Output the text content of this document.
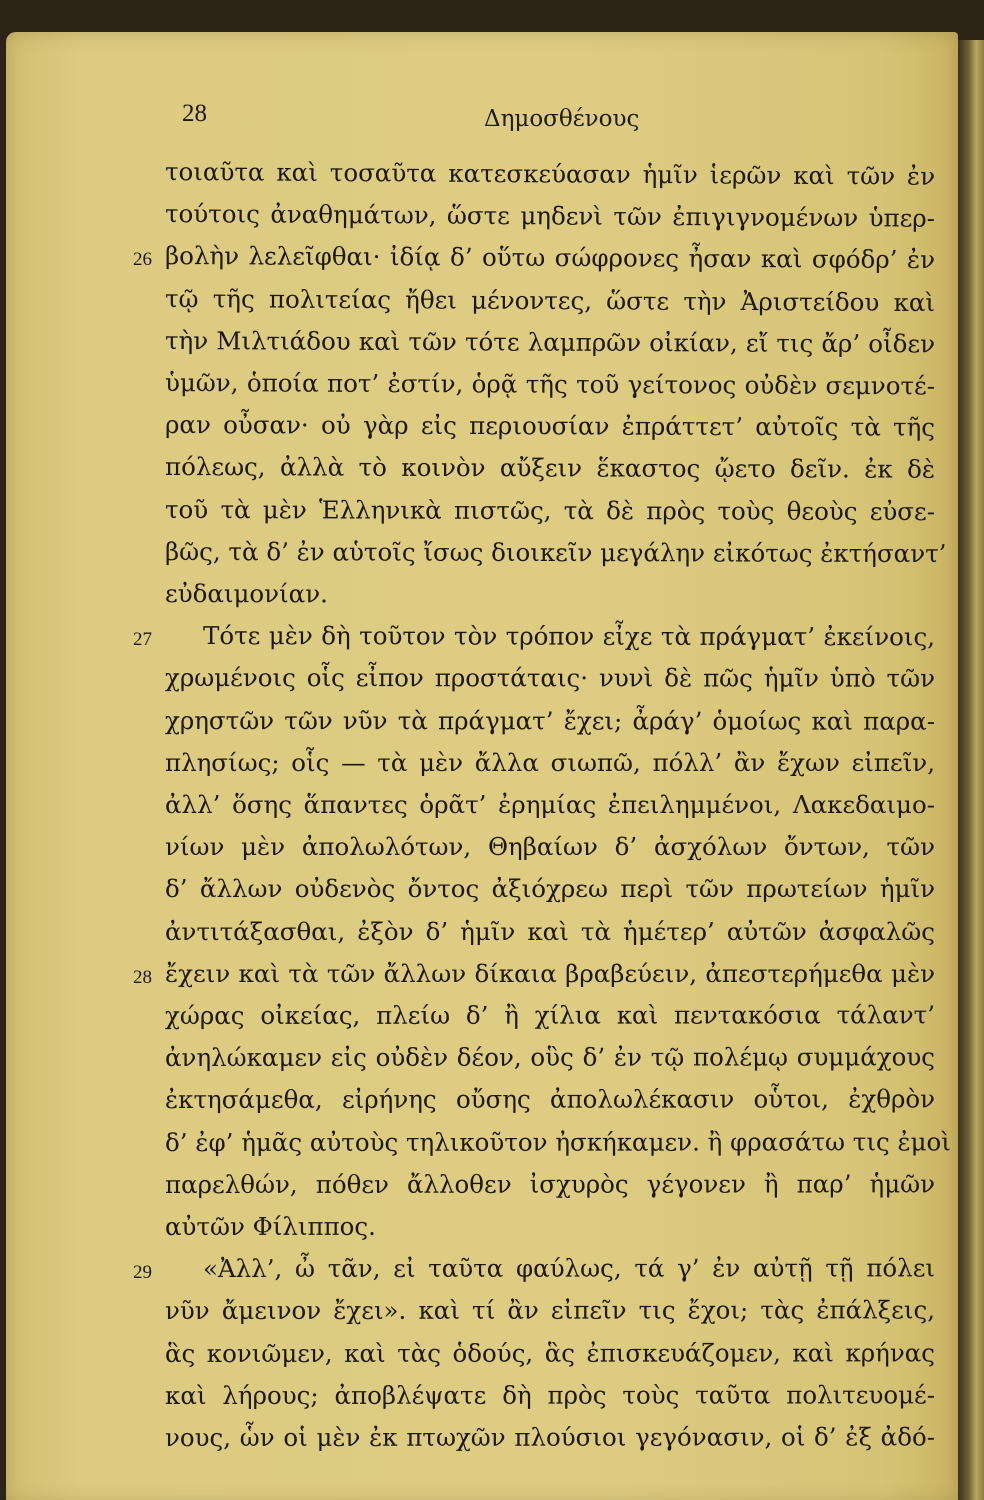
28	Δημοσθένους
τοιαῦτα καὶ τοσαῦτα κατεσκεύασαν ἡμῖν ἱερῶν καὶ τῶν ἐν
τούτοις ἀναθημάτων, ὥστε μηδενὶ τῶν ἐπιγιγνομένων ὑπερ-
βολὴν λελεῖφθαι· ἰδίᾳ δ’ οὕτω σώφρονες ἦσαν καὶ σφόδρ’ ἐν
26
τῷ τῆς πολιτείας ἤθει μένοντες, ὥστε τὴν Ἀριστείδου καὶ
τὴν Μιλτιάδου καὶ τῶν τότε λαμπρῶν οἰκίαν, εἴ τις ἄρ’ οἶδεν
ὑμῶν, ὁποία ποτ’ ἐστίν, ὁρᾷ τῆς τοῦ γείτονος οὐδὲν σεμνοτέ-
ραν οὖσαν· οὐ γὰρ εἰς περιουσίαν ἐπράττετ’ αὐτοῖς τὰ τῆς
πόλεως, ἀλλὰ τὸ κοινὸν αὔξειν ἕκαστος ᾤετο δεῖν. ἐκ δὲ
τοῦ τὰ μὲν Ἑλληνικὰ πιστῶς, τὰ δὲ πρὸς τοὺς θεοὺς εὐσε-
βῶς, τὰ δ’ ἐν αὑτοῖς ἴσως διοικεῖν μεγάλην εἰκότως ἐκτήσαντ’
εὐδαιμονίαν.
Τότε μὲν δὴ τοῦτον τὸν τρόπον εἶχε τὰ πράγματ’ ἐκείνοις,
27
χρωμένοις οἷς εἶπον προστάταις· νυνὶ δὲ πῶς ἡμῖν ὑπὸ τῶν
χρηστῶν τῶν νῦν τὰ πράγματ’ ἔχει; ἆράγ’ ὁμοίως καὶ παρα-
πλησίως; οἷς — τὰ μὲν ἄλλα σιωπῶ, πόλλ’ ἂν ἔχων εἰπεῖν,
ἀλλ’ ὅσης ἅπαντες ὁρᾶτ’ ἐρημίας ἐπειλημμένοι, Λακεδαιμο-
νίων μὲν ἀπολωλότων, Θηβαίων δ’ ἀσχόλων ὄντων, τῶν
δ’ ἄλλων οὐδενὸς ὄντος ἀξιόχρεω περὶ τῶν πρωτείων ἡμῖν
ἀντιτάξασθαι, ἐξὸν δ’ ἡμῖν καὶ τὰ ἡμέτερ’ αὐτῶν ἀσφαλῶς
ἔχειν καὶ τὰ τῶν ἄλλων δίκαια βραβεύειν, ἀπεστερήμεθα μὲν
28
χώρας οἰκείας, πλείω δ’ ἢ χίλια καὶ πεντακόσια τάλαντ’
ἀνηλώκαμεν εἰς οὐδὲν δέον, οὓς δ’ ἐν τῷ πολέμῳ συμμάχους
ἐκτησάμεθα, εἰρήνης οὔσης ἀπολωλέκασιν οὗτοι, ἐχθρὸν
δ’ ἐφ’ ἡμᾶς αὐτοὺς τηλικοῦτον ἠσκήκαμεν. ἢ φρασάτω τις ἐμοὶ
παρελθών, πόθεν ἄλλοθεν ἰσχυρὸς γέγονεν ἢ παρ’ ἡμῶν
αὐτῶν Φίλιππος.
«Ἀλλ’, ὦ τᾶν, εἰ ταῦτα φαύλως, τά γ’ ἐν αὐτῇ τῇ πόλει
29
νῦν ἄμεινον ἔχει». καὶ τί ἂν εἰπεῖν τις ἔχοι; τὰς ἐπάλξεις,
ἃς κονιῶμεν, καὶ τὰς ὁδούς, ἃς ἐπισκευάζομεν, καὶ κρήνας
καὶ λήρους; ἀποβλέψατε δὴ πρὸς τοὺς ταῦτα πολιτευομέ-
νους, ὧν οἱ μὲν ἐκ πτωχῶν πλούσιοι γεγόνασιν, οἱ δ’ ἐξ ἀδό-
